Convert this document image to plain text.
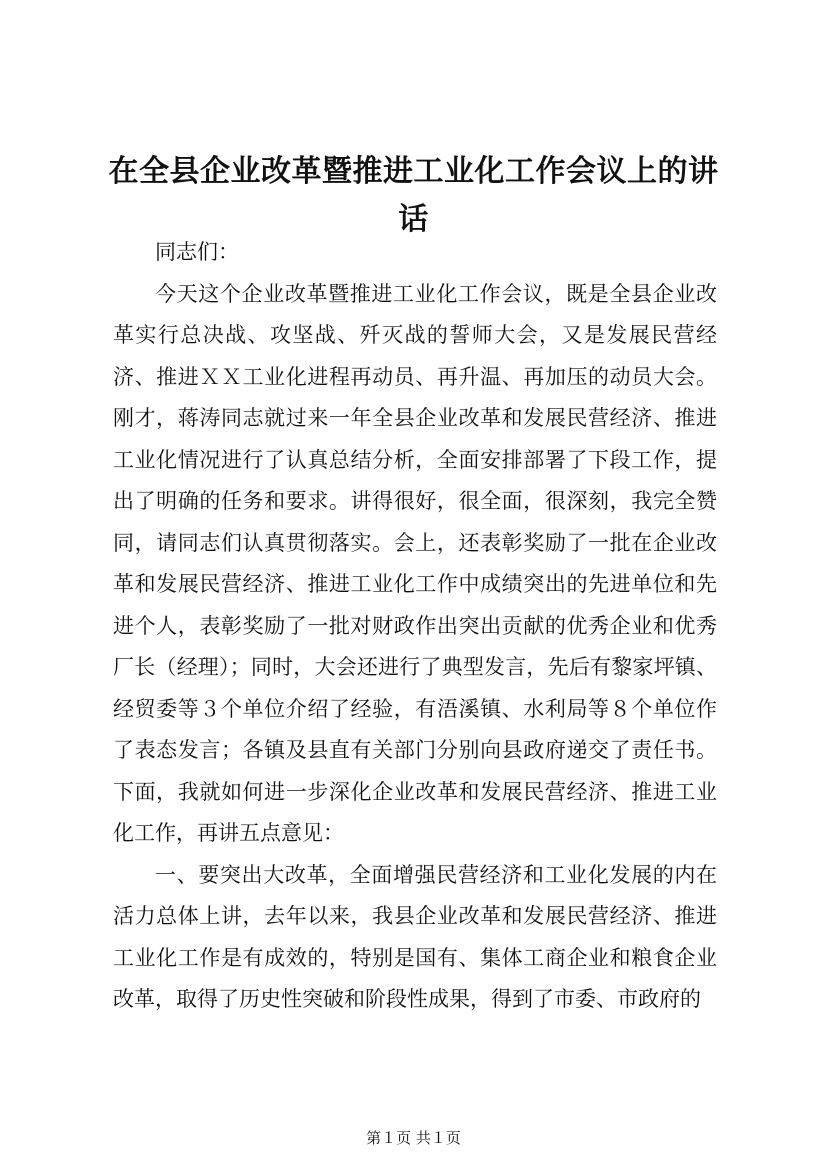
在全县企业改革暨推进工业化工作会议上的讲话

同志们：

今天这个企业改革暨推进工业化工作会议，既是全县企业改革实行总决战、攻坚战、歼灭战的誓师大会，又是发展民营经济、推进ＸＸ工业化进程再动员、再升温、再加压的动员大会。刚才，蒋涛同志就过来一年全县企业改革和发展民营经济、推进工业化情况进行了认真总结分析，全面安排部署了下段工作，提出了明确的任务和要求。讲得很好，很全面，很深刻，我完全赞同，请同志们认真贯彻落实。会上，还表彰奖励了一批在企业改革和发展民营经济、推进工业化工作中成绩突出的先进单位和先进个人，表彰奖励了一批对财政作出突出贡献的优秀企业和优秀厂长（经理）；同时，大会还进行了典型发言，先后有黎家坪镇、经贸委等３个单位介绍了经验，有浯溪镇、水利局等８个单位作了表态发言；各镇及县直有关部门分别向县政府递交了责任书。下面，我就如何进一步深化企业改革和发展民营经济、推进工业化工作，再讲五点意见：

一、要突出大改革，全面增强民营经济和工业化发展的内在活力总体上讲，去年以来，我县企业改革和发展民营经济、推进工业化工作是有成效的，特别是国有、集体工商企业和粮食企业改革，取得了历史性突破和阶段性成果，得到了市委、市政府的

第１页 共１页
